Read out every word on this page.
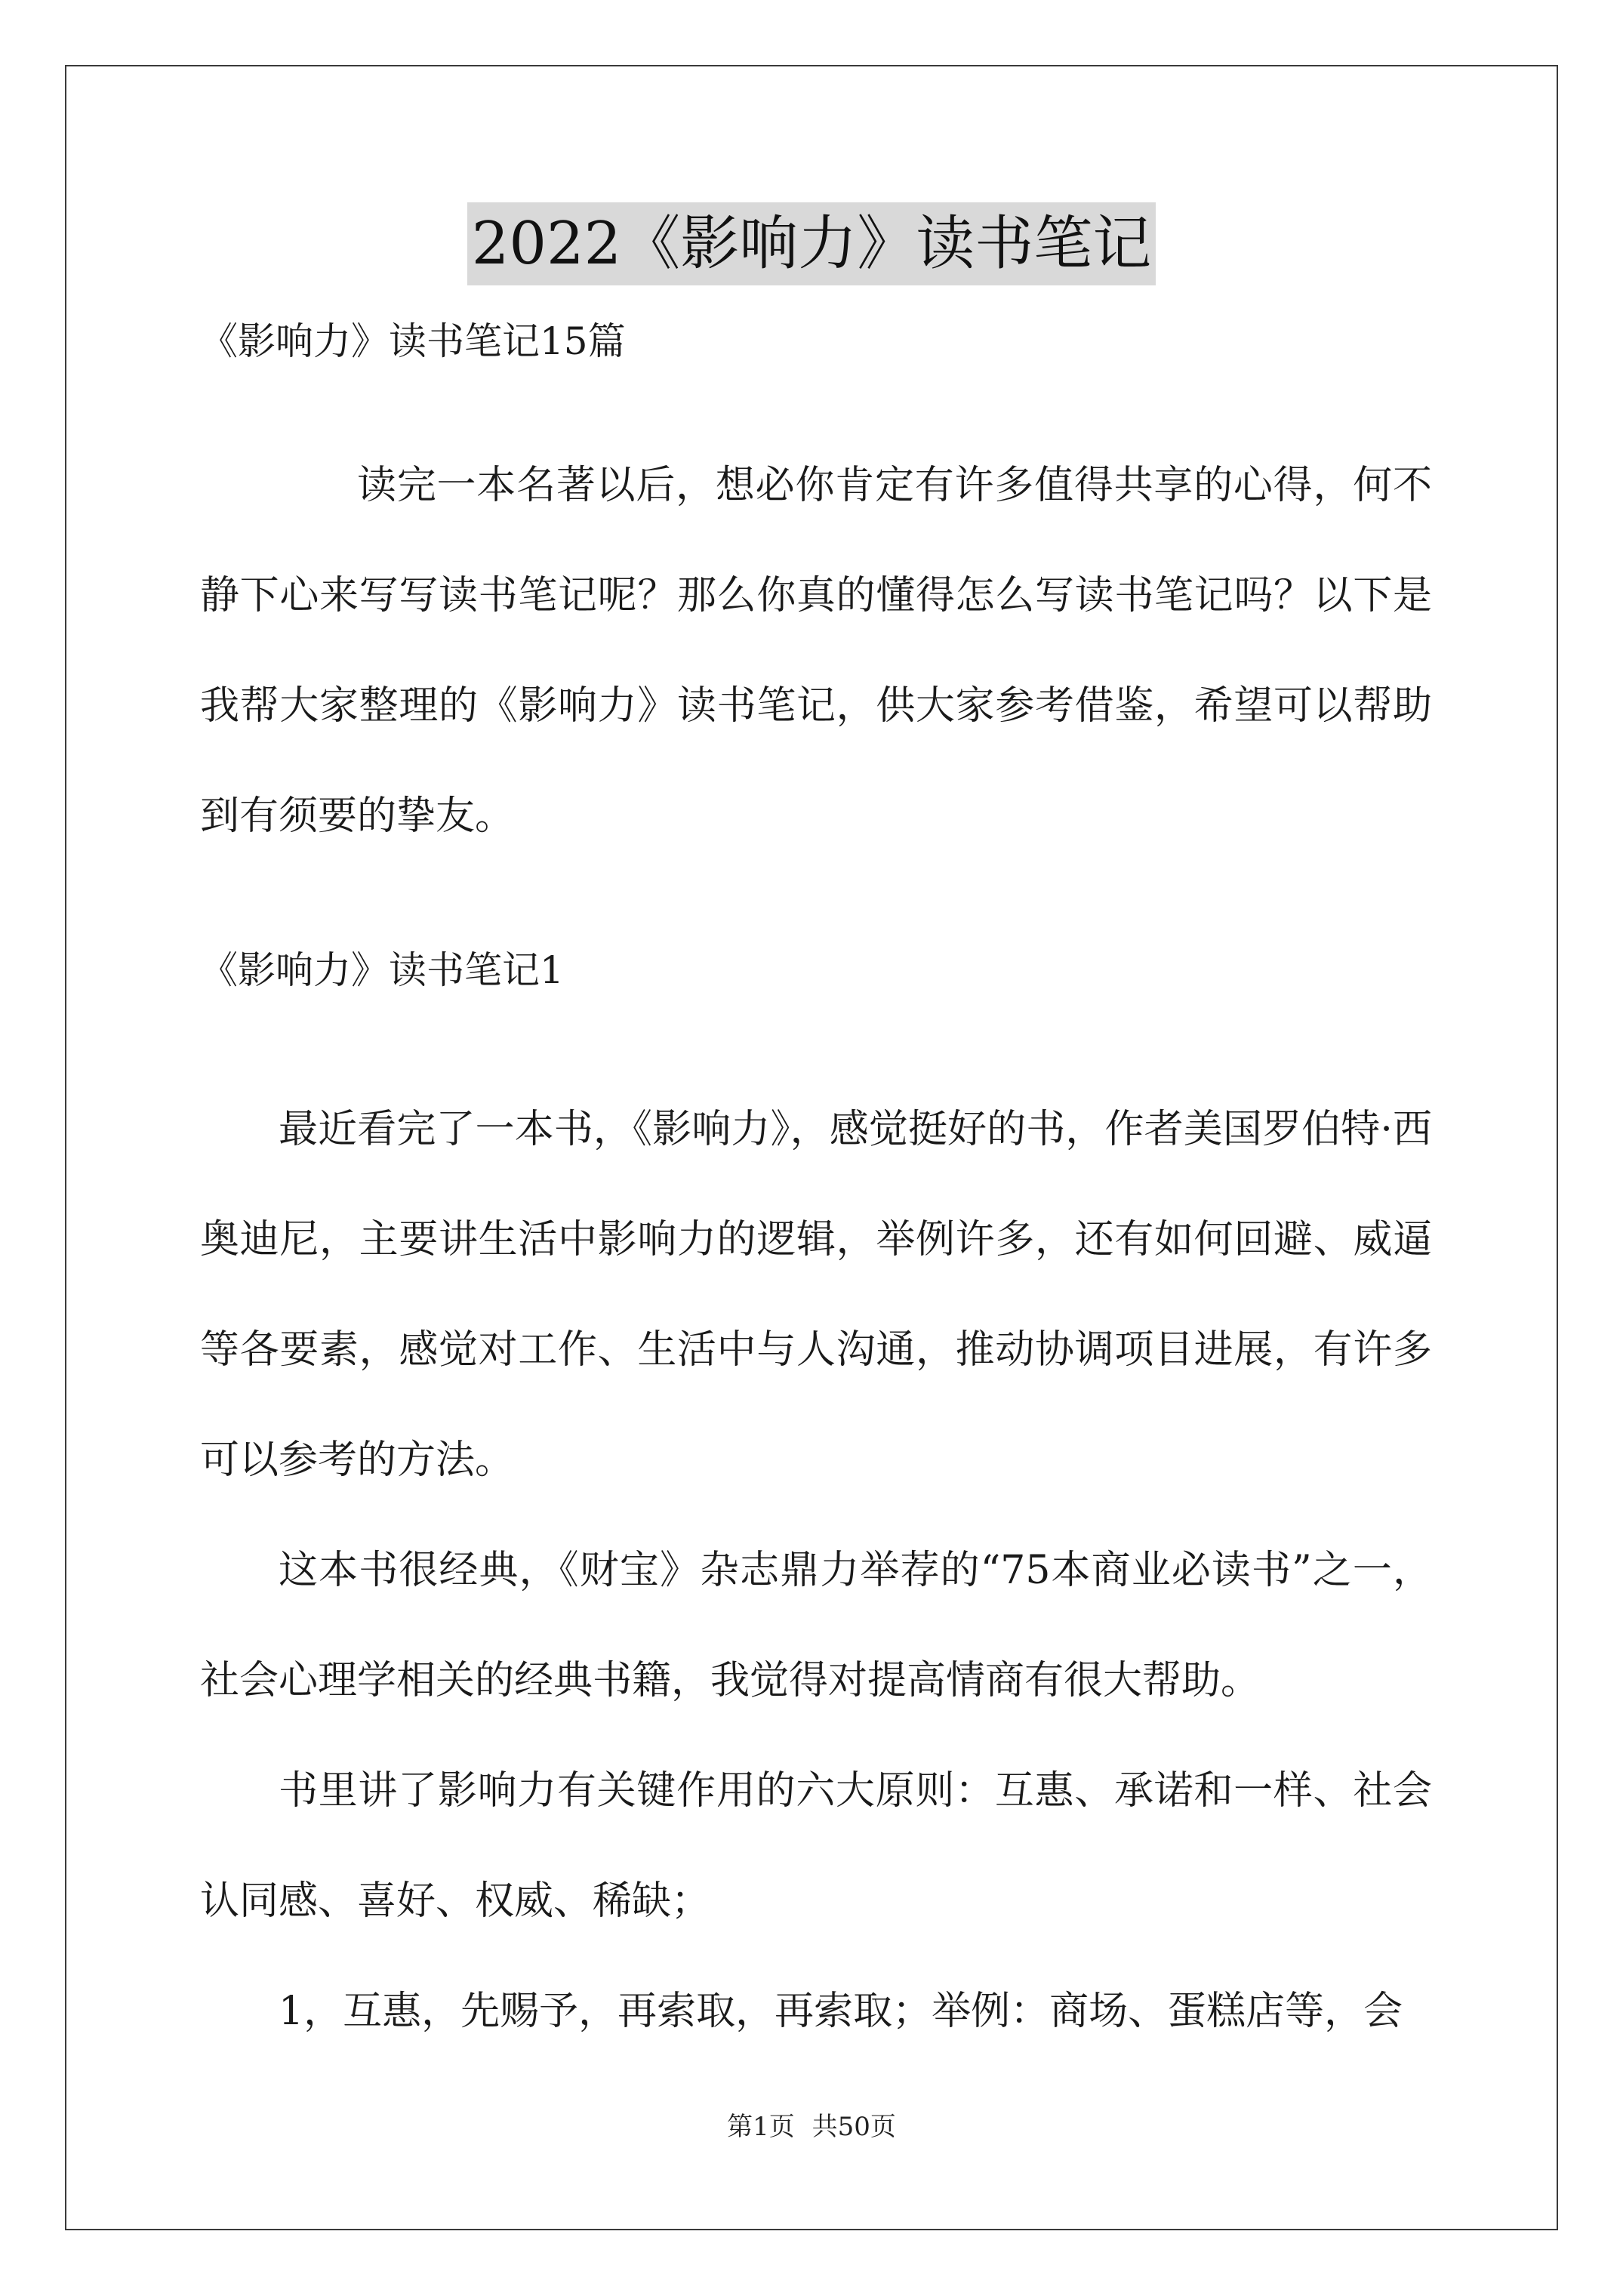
2022《影响力》读书笔记
《影响力》读书笔记15篇

读完一本名著以后，想必你肯定有许多值得共享的心得，何不静下心来写写读书笔记呢？那么你真的懂得怎么写读书笔记吗？以下是我帮大家整理的《影响力》读书笔记，供大家参考借鉴，希望可以帮助到有须要的挚友。

《影响力》读书笔记1

最近看完了一本书，《影响力》，感觉挺好的书，作者美国罗伯特·西奥迪尼，主要讲生活中影响力的逻辑，举例许多，还有如何回避、威逼等各要素，感觉对工作、生活中与人沟通，推动协调项目进展，有许多可以参考的方法。

这本书很经典，《财宝》杂志鼎力举荐的“75本商业必读书”之一，社会心理学相关的经典书籍，我觉得对提高情商有很大帮助。

书里讲了影响力有关键作用的六大原则：互惠、承诺和一样、社会认同感、喜好、权威、稀缺；

1，互惠，先赐予，再索取，再索取；举例：商场、蛋糕店等，会

第1页 共50页
